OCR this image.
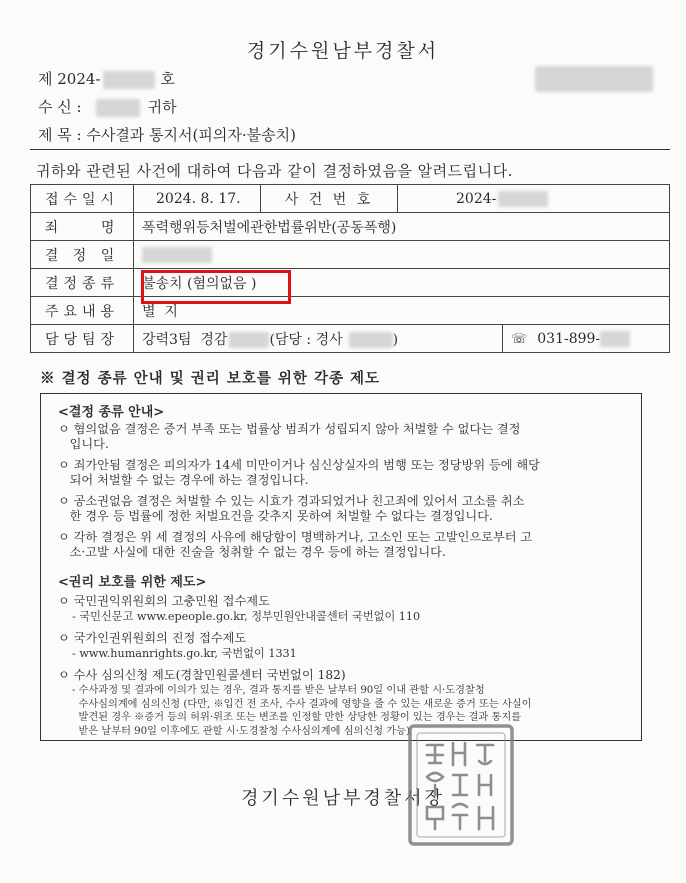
경기수원남부경찰서
제 2024-	호
수 신 :	귀하
제 목 : 수사결과 통지서(피의자·불송치)
귀하와 관련된 사건에 대하여 다음과 같이 결정하였음을 알려드립니다.
접수일시	2024. 8. 17.	사 건 번 호	2024-	
죄    명	폭력행위등처벌에관한법률위반(공동폭행)			
결 정 일				
결정종류	불송치 (혐의없음 )			
주요내용	별  지			
담당팀장	강력3팀  경감 (담당 : 경사 )			☏ 031-899-
※ 결정 종류 안내 및 권리 보호를 위한 각종 제도
<결정 종류 안내>
ㅇ 혐의없음 결정은 증거 부족 또는 법률상 범죄가 성립되지 않아 처벌할 수 없다는 결정
입니다.
ㅇ 죄가안됨 결정은 피의자가 14세 미만이거나 심신상실자의 범행 또는 정당방위 등에 해당
되어 처벌할 수 없는 경우에 하는 결정입니다.
ㅇ 공소권없음 결정은 처벌할 수 있는 시효가 경과되었거나 친고죄에 있어서 고소를 취소
한 경우 등 법률에 정한 처벌요건을 갖추지 못하여 처벌할 수 없다는 결정입니다.
ㅇ 각하 결정은 위 세 결정의 사유에 해당함이 명백하거나, 고소인 또는 고발인으로부터 고
소·고발 사실에 대한 진술을 청취할 수 없는 경우 등에 하는 결정입니다.
<권리 보호를 위한 제도>
ㅇ 국민권익위원회의 고충민원 접수제도
- 국민신문고 www.epeople.go.kr, 정부민원안내콜센터 국번없이 110
ㅇ 국가인권위원회의 진정 접수제도
- www.humanrights.go.kr, 국번없이 1331
ㅇ 수사 심의신청 제도(경찰민원콜센터 국번없이 182)
- 수사과정 및 결과에 이의가 있는 경우, 결과 통지를 받은 날부터 90일 이내 관할 시·도경찰청
수사심의계에 심의신청 (다만, ※입건 전 조사, 수사 결과에 영향을 줄 수 있는 새로운 증거 또는 사실이
발견된 경우 ※증거 등의 허위·위조 또는 변조를 인정할 만한 상당한 정황이 있는 경우는 결과 통지를
받은 날부터 90일 이후에도 관할 시·도경찰청 수사심의계에 심의신청 가능)
경기수원남부경찰서장
